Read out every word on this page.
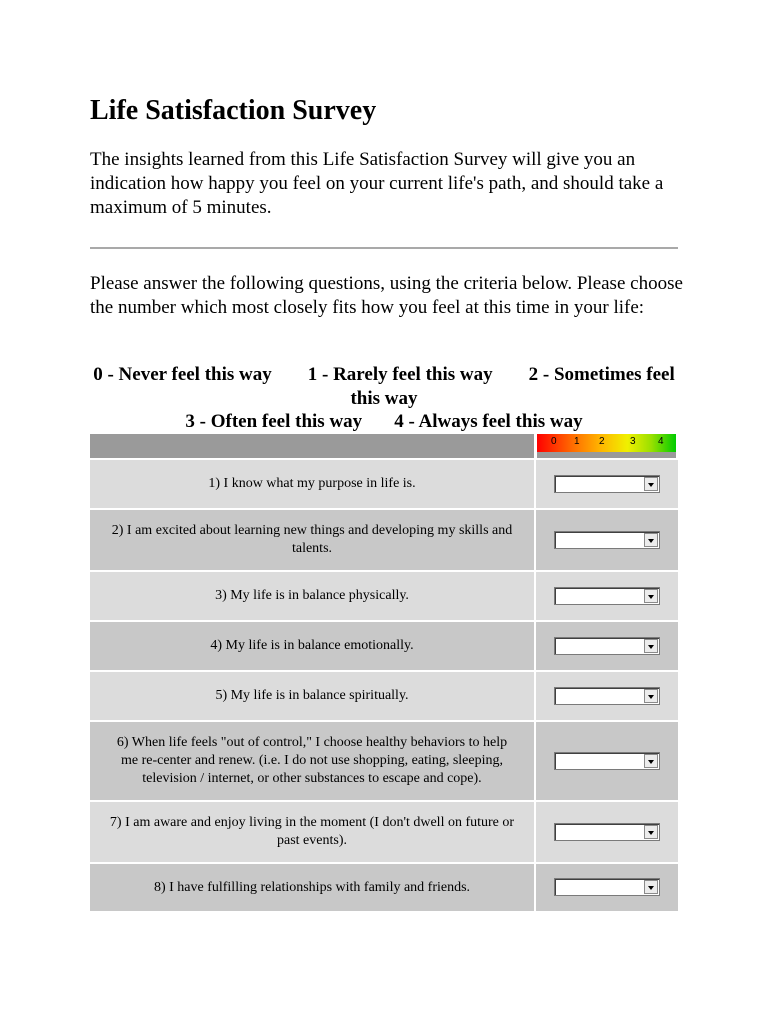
Life Satisfaction Survey

The insights learned from this Life Satisfaction Survey will give you an indication how happy you feel on your current life's path, and should take a maximum of 5 minutes.

Please answer the following questions, using the criteria below. Please choose the number which most closely fits how you feel at this time in your life:

0 - Never feel this way 1 - Rarely feel this way 2 - Sometimes feel this way
3 - Often feel this way 4 - Always feel this way

	0 1 2 3 4

1) I know what my purpose in life is.	

2) I am excited about learning new things and developing my skills and talents.	

3) My life is in balance physically.	

4) My life is in balance emotionally.	

5) My life is in balance spiritually.	

6) When life feels "out of control," I choose healthy behaviors to help me re-center and renew. (i.e. I do not use shopping, eating, sleeping, television / internet, or other substances to escape and cope).	

7) I am aware and enjoy living in the moment (I don't dwell on future or past events).	

8) I have fulfilling relationships with family and friends.	
